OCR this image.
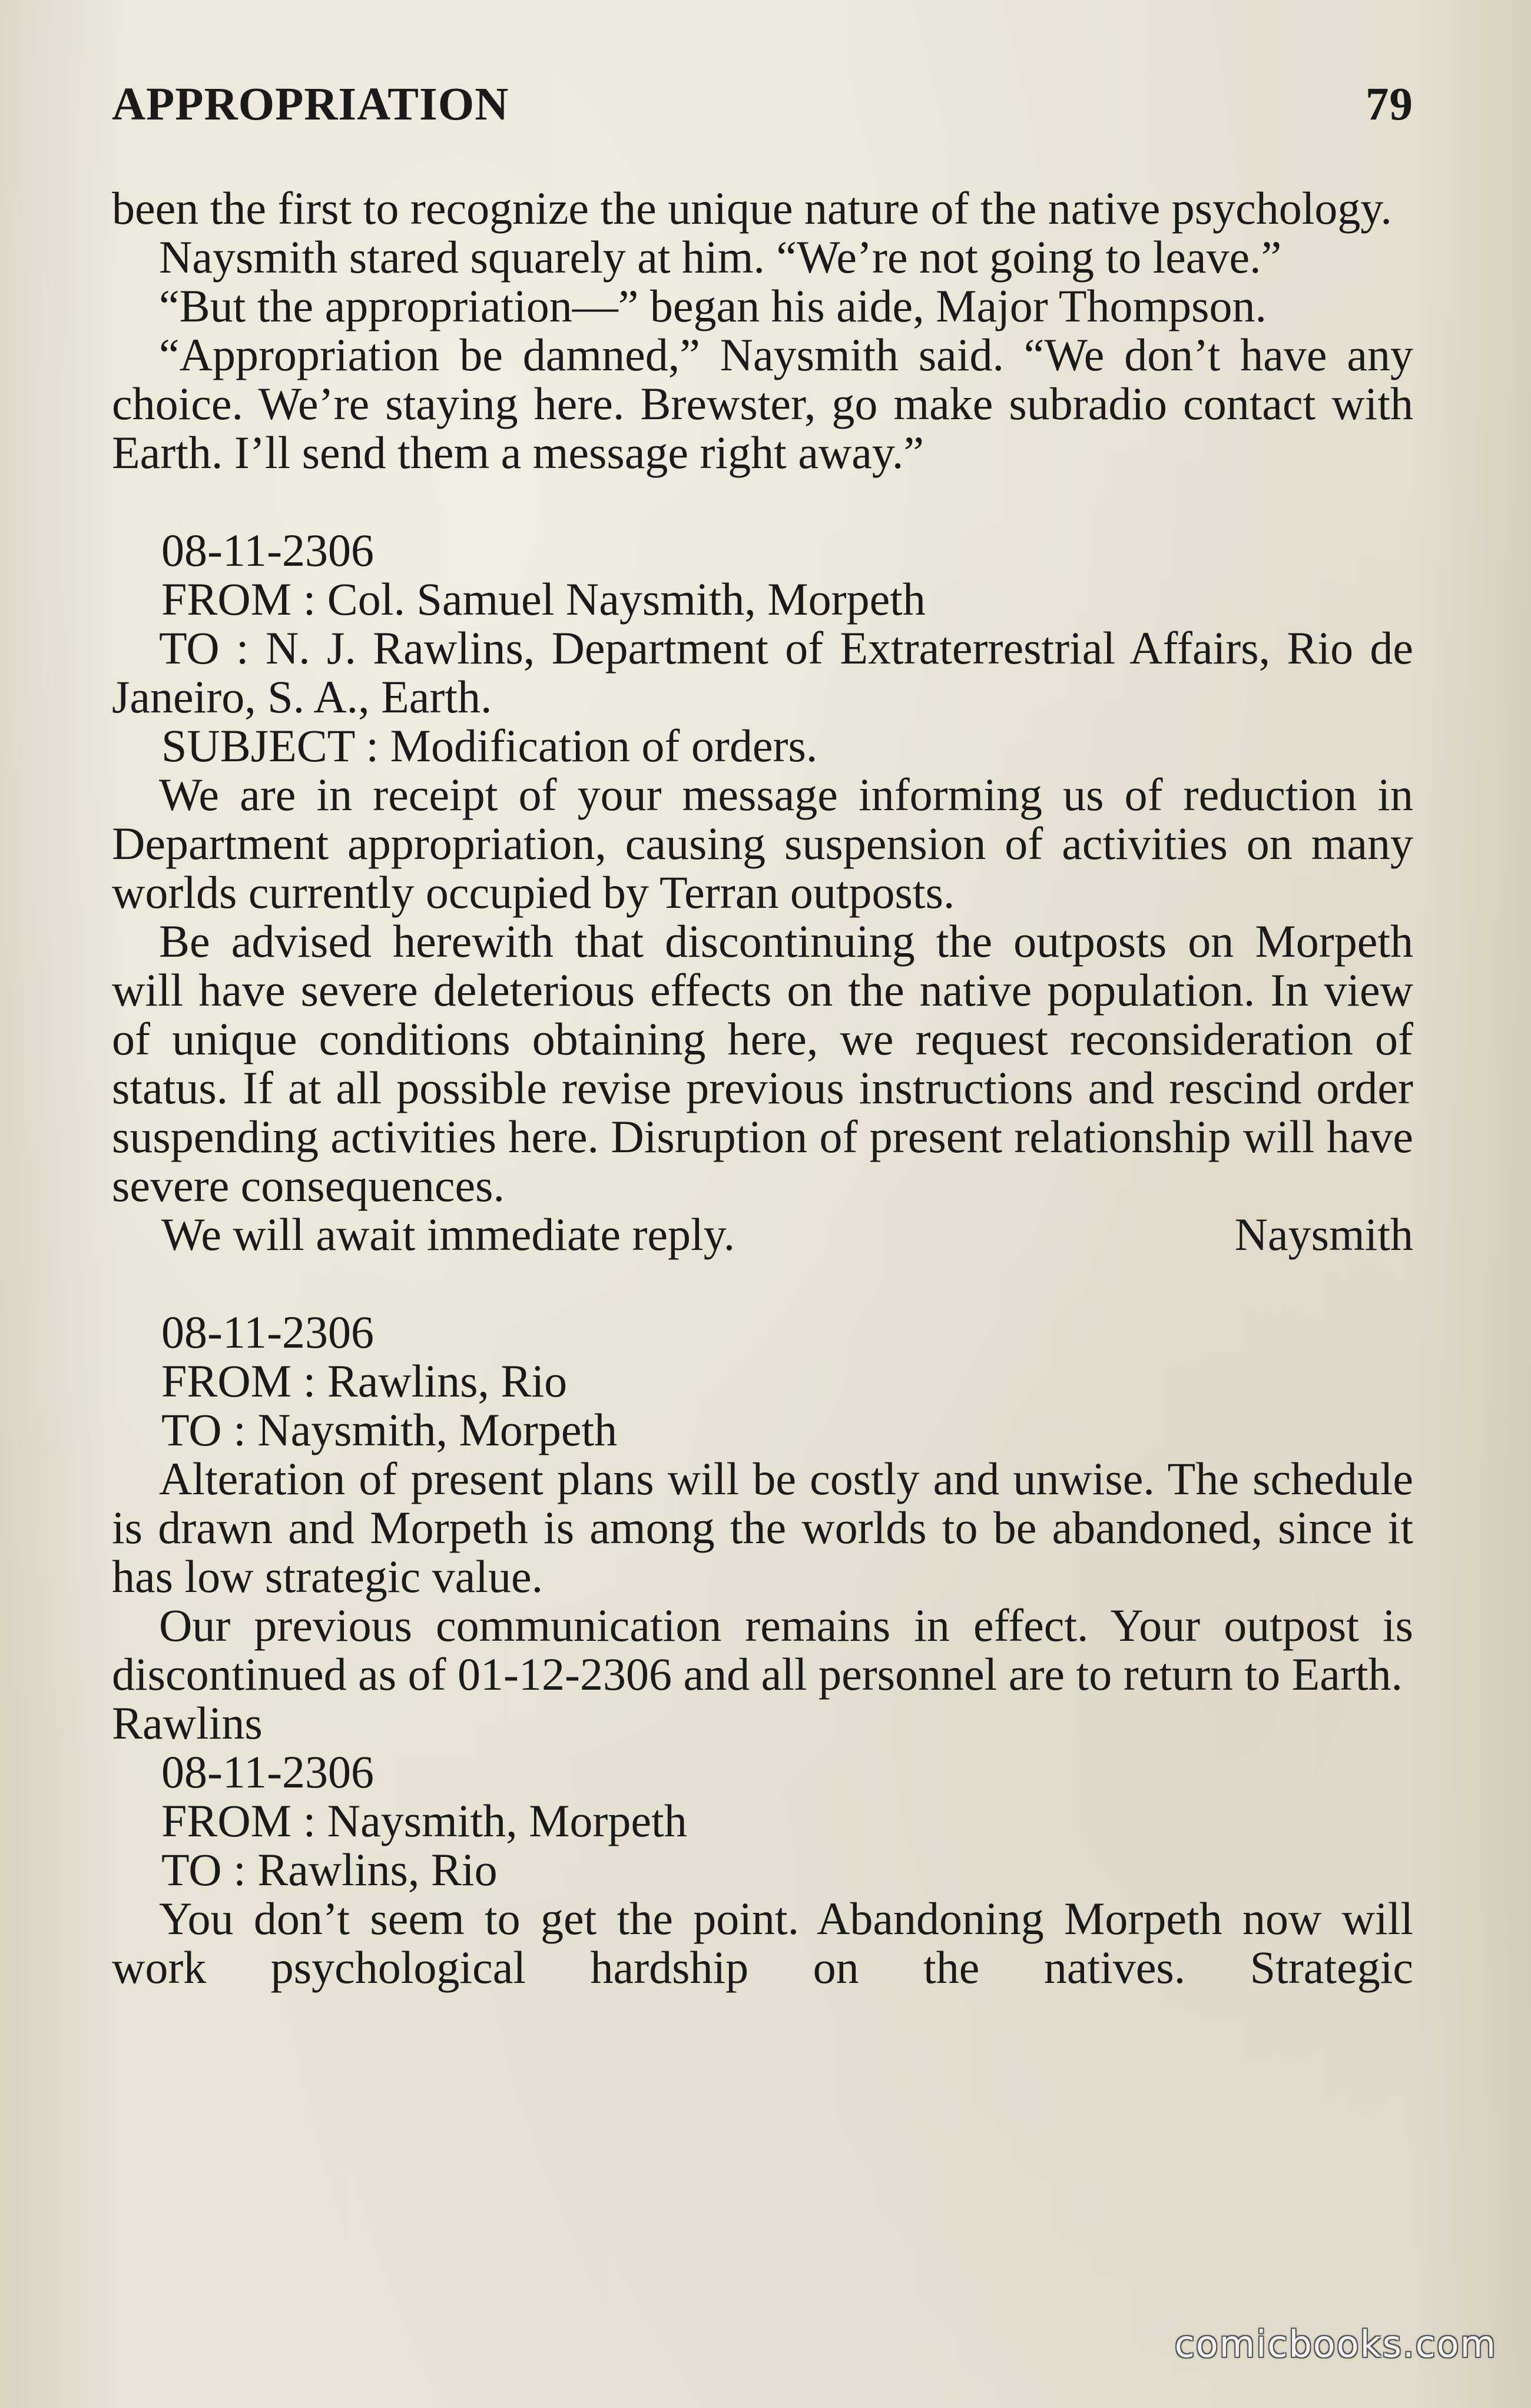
APPROPRIATION	79

been the first to recognize the unique nature of the native psychology.

Naysmith stared squarely at him. “We’re not going to leave.”

“But the appropriation—” began his aide, Major Thompson.

“Appropriation be damned,” Naysmith said. “We don’t have any choice. We’re staying here. Brewster, go make subradio contact with Earth. I’ll send them a message right away.”

08-11-2306

FROM : Col. Samuel Naysmith, Morpeth

TO : N. J. Rawlins, Department of Extraterrestrial Affairs, Rio de Janeiro, S. A., Earth.

SUBJECT : Modification of orders.

We are in receipt of your message informing us of reduction in Department appropriation, causing suspension of activities on many worlds currently occupied by Terran outposts.

Be advised herewith that discontinuing the outposts on Morpeth will have severe deleterious effects on the native population. In view of unique conditions obtaining here, we request reconsideration of status. If at all possible revise previous instructions and rescind order suspending activities here. Disruption of present relationship will have severe consequences.

We will await immediate reply.	Naysmith

08-11-2306

FROM : Rawlins, Rio

TO : Naysmith, Morpeth

Alteration of present plans will be costly and unwise. The schedule is drawn and Morpeth is among the worlds to be abandoned, since it has low strategic value.

Our previous communication remains in effect. Your outpost is discontinued as of 01-12-2306 and all personnel are to return to Earth.

Rawlins

08-11-2306

FROM : Naysmith, Morpeth

TO : Rawlins, Rio

You don’t seem to get the point. Abandoning Morpeth now will work psychological hardship on the natives. Strategic

comicbooks.com
